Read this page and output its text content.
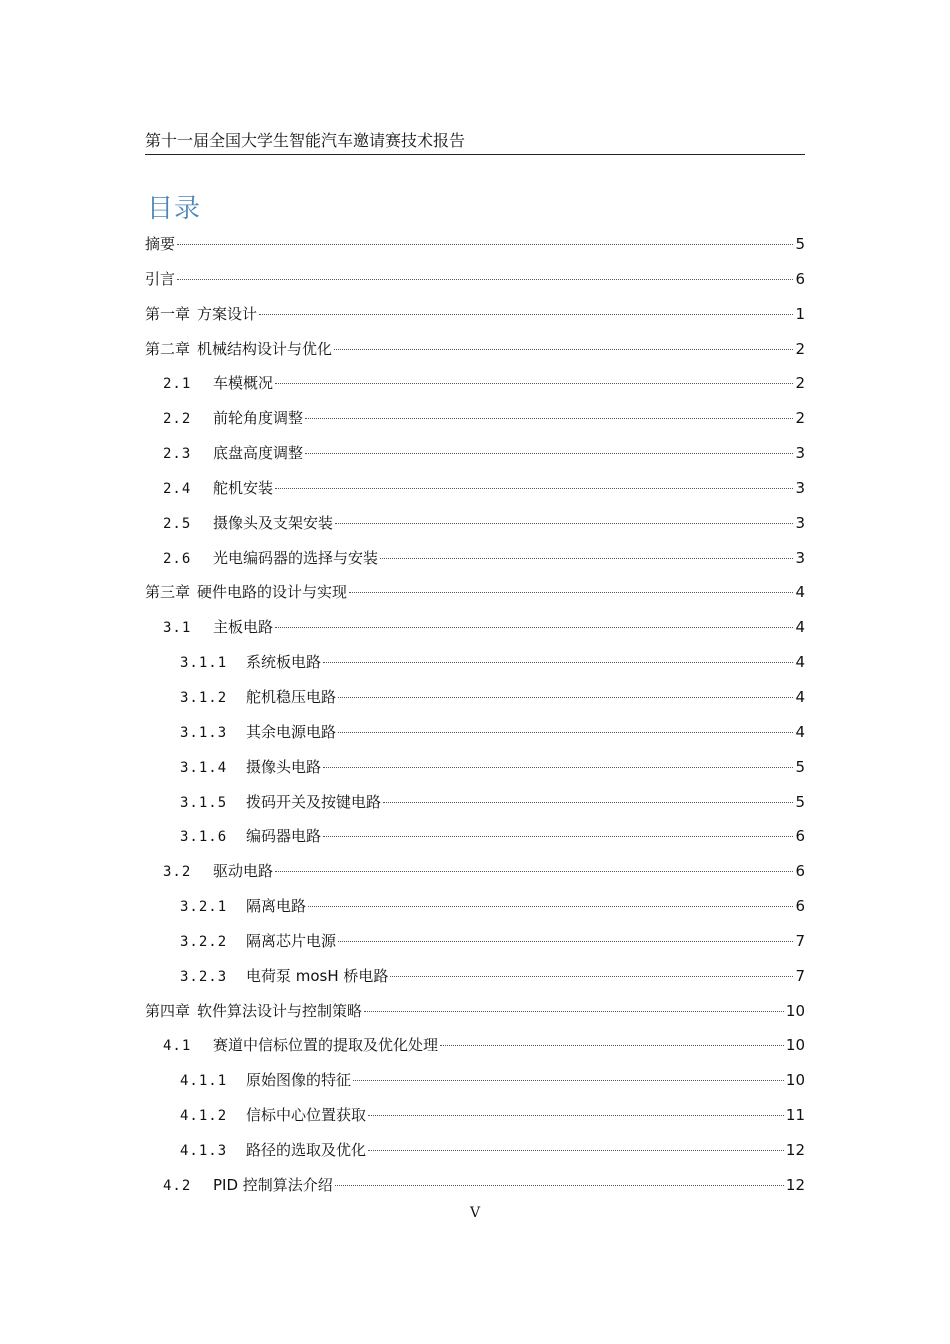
第十一届全国大学生智能汽车邀请赛技术报告
目录
摘要	5
引言	6
第一章 方案设计	1
第二章 机械结构设计与优化	2
2.1	车模概况	2
2.2	前轮角度调整	2
2.3	底盘高度调整	3
2.4	舵机安装	3
2.5	摄像头及支架安装	3
2.6	光电编码器的选择与安装	3
第三章 硬件电路的设计与实现	4
3.1	主板电路	4
3.1.1	系统板电路	4
3.1.2	舵机稳压电路	4
3.1.3	其余电源电路	4
3.1.4	摄像头电路	5
3.1.5	拨码开关及按键电路	5
3.1.6	编码器电路	6
3.2	驱动电路	6
3.2.1	隔离电路	6
3.2.2	隔离芯片电源	7
3.2.3	电荷泵 mosH 桥电路	7
第四章 软件算法设计与控制策略	10
4.1	赛道中信标位置的提取及优化处理	10
4.1.1	原始图像的特征	10
4.1.2	信标中心位置获取	11
4.1.3	路径的选取及优化	12
4.2	PID 控制算法介绍	12
V
